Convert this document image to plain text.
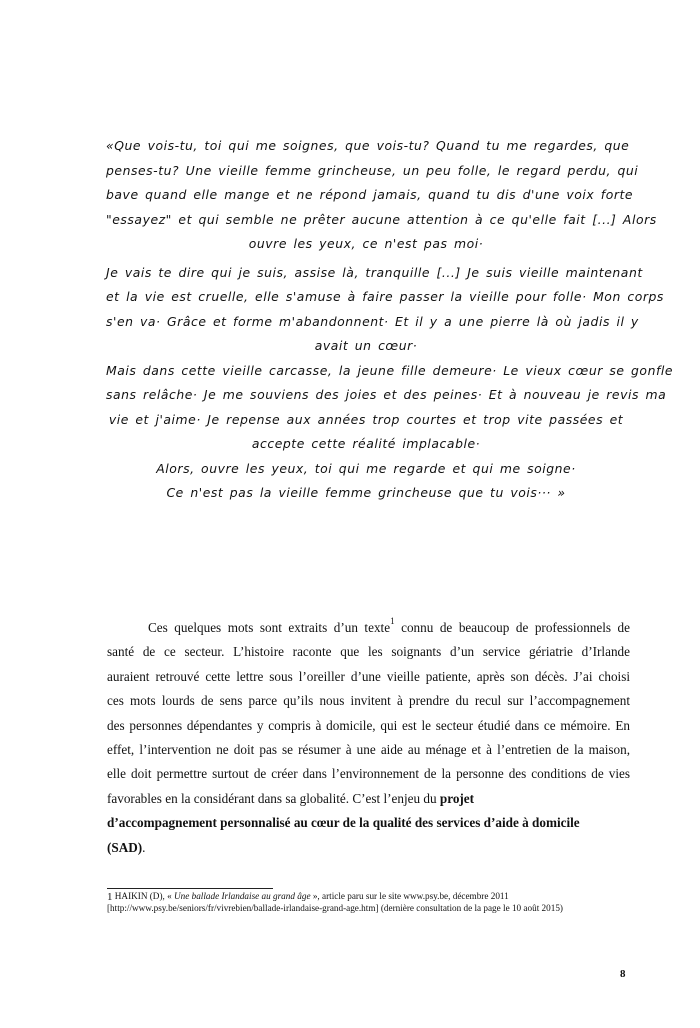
«Que vois-tu, toi qui me soignes, que vois-tu? Quand tu me regardes, que
penses-tu? Une vieille femme grincheuse, un peu folle, le regard perdu, qui
bave quand elle mange et ne répond jamais, quand tu dis d'une voix forte
"essayez" et qui semble ne prêter aucune attention à ce qu'elle fait [...] Alors
ouvre les yeux, ce n'est pas moi·
Je vais te dire qui je suis, assise là, tranquille [...] Je suis vieille maintenant
et la vie est cruelle, elle s'amuse à faire passer la vieille pour folle· Mon corps
s'en va· Grâce et forme m'abandonnent· Et il y a une pierre là où jadis il y
avait un cœur·
Mais dans cette vieille carcasse, la jeune fille demeure· Le vieux cœur se gonfle
sans relâche· Je me souviens des joies et des peines· Et à nouveau je revis ma
vie et j'aime· Je repense aux années trop courtes et trop vite passées et
accepte cette réalité implacable·
Alors, ouvre les yeux, toi qui me regarde et qui me soigne·
Ce n'est pas la vieille femme grincheuse que tu vois··· »
Ces quelques mots sont extraits d’un texte$^1$ connu de beaucoup de professionnels de
santé de ce secteur. L’histoire raconte que les soignants d’un service gériatrie d’Irlande
auraient retrouvé cette lettre sous l’oreiller d’une vieille patiente, après son décès. J’ai choisi
ces mots lourds de sens parce qu’ils nous invitent à prendre du recul sur l’accompagnement
des personnes dépendantes y compris à domicile, qui est le secteur étudié dans ce mémoire. En
effet, l’intervention ne doit pas se résumer à une aide au ménage et à l’entretien de la maison,
elle doit permettre surtout de créer dans l’environnement de la personne des conditions de vies
favorables en la considérant dans sa globalité. C’est l’enjeu du projet
d’accompagnement personnalisé au cœur de la qualité des services d’aide à domicile
(SAD).
1 HAIKIN (D), « Une ballade Irlandaise au grand âge », article paru sur le site www.psy.be, décembre 2011
[http://www.psy.be/seniors/fr/vivrebien/ballade-irlandaise-grand-age.htm] (dernière consultation de la page le 10 août 2015)
8
